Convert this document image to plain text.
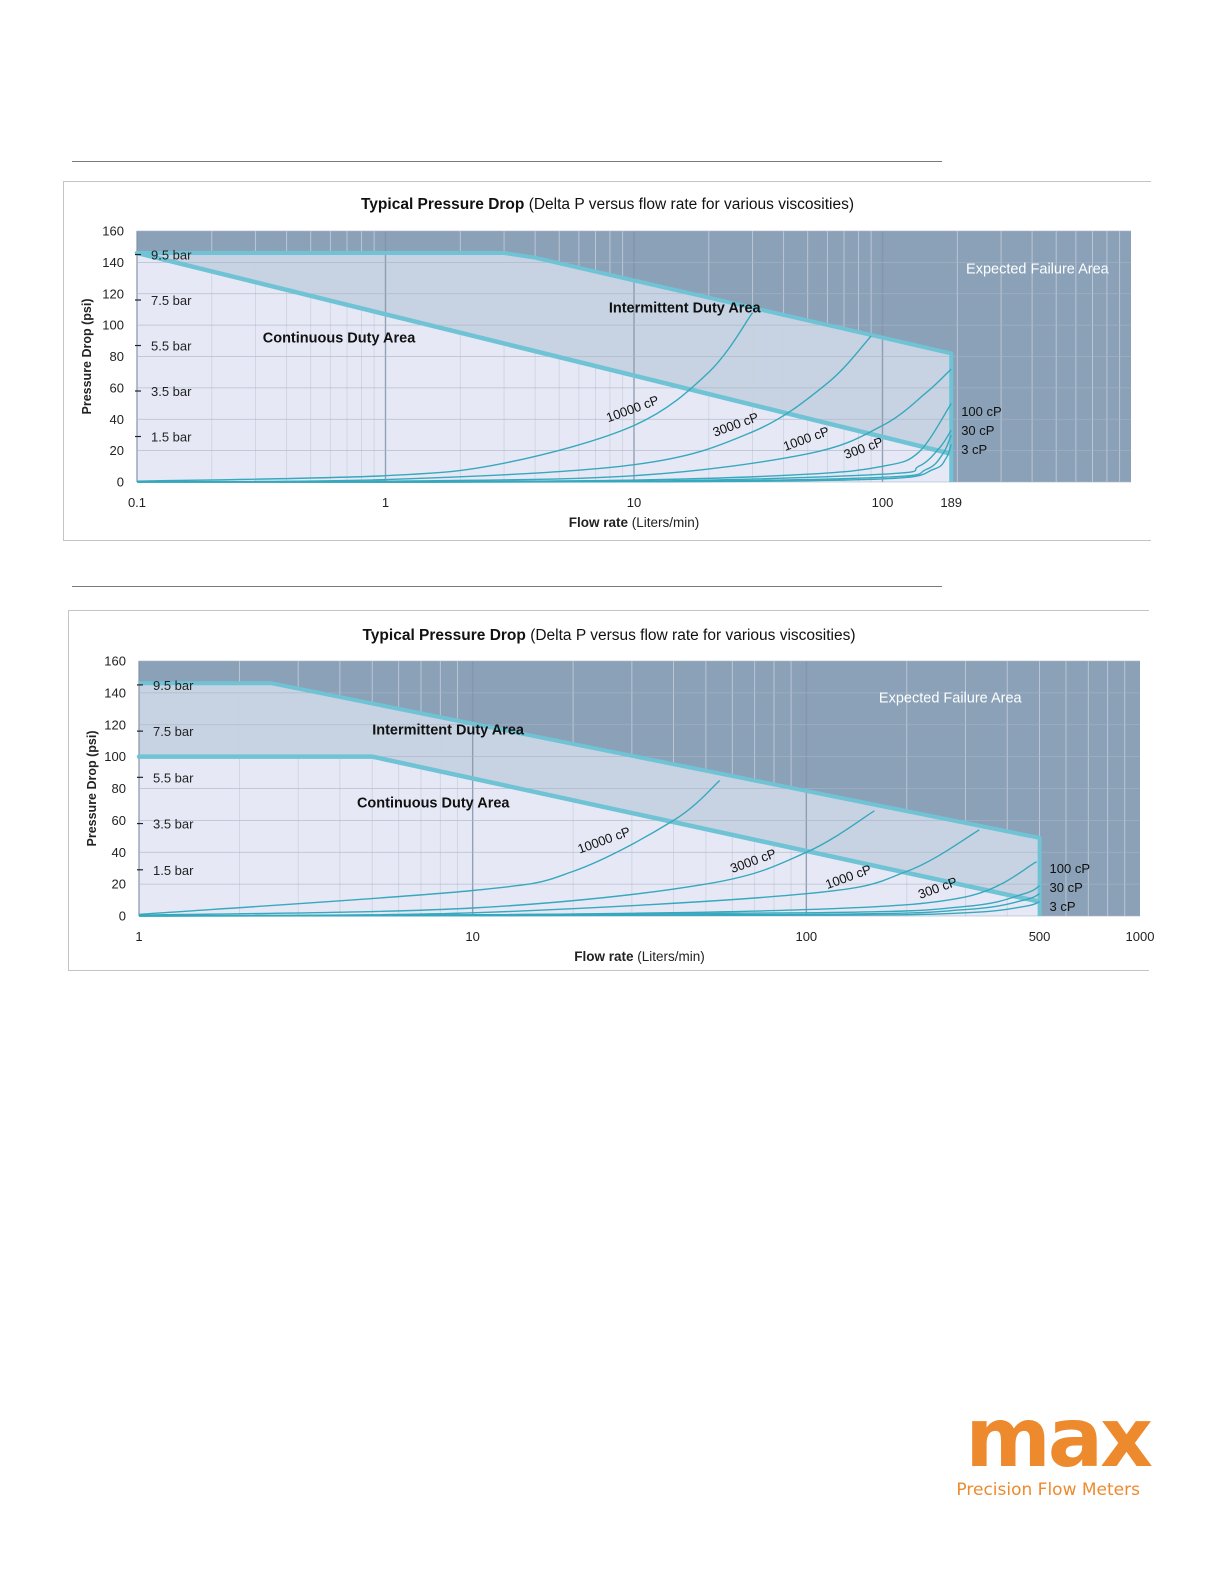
Typical Pressure Drop (Delta P versus flow rate for various viscosities)
0
20
40
60
80
100
120
140
160
0.1	1	10	100	189
Pressure Drop (psi)
Flow rate (Liters/min)
9.5 bar
7.5 bar
5.5 bar
3.5 bar
1.5 bar
Expected Failure Area
Intermittent Duty Area
Continuous Duty Area
10000 cP	3000 cP 1000 cP 300 cP
100 cP
30 cP
3 cP
Typical Pressure Drop (Delta P versus flow rate for various viscosities)
0
20
40
60
80
100
120
140
160
1	10	100	500	1000
Pressure Drop (psi)
Flow rate (Liters/min)
9.5 bar
7.5 bar
5.5 bar
3.5 bar
1.5 bar
Expected Failure Area
Intermittent Duty Area
Continuous Duty Area
10000 cP
3000 cP
1000 cP	300 cP
100 cP
30 cP
3 cP
max
Precision Flow Meters
